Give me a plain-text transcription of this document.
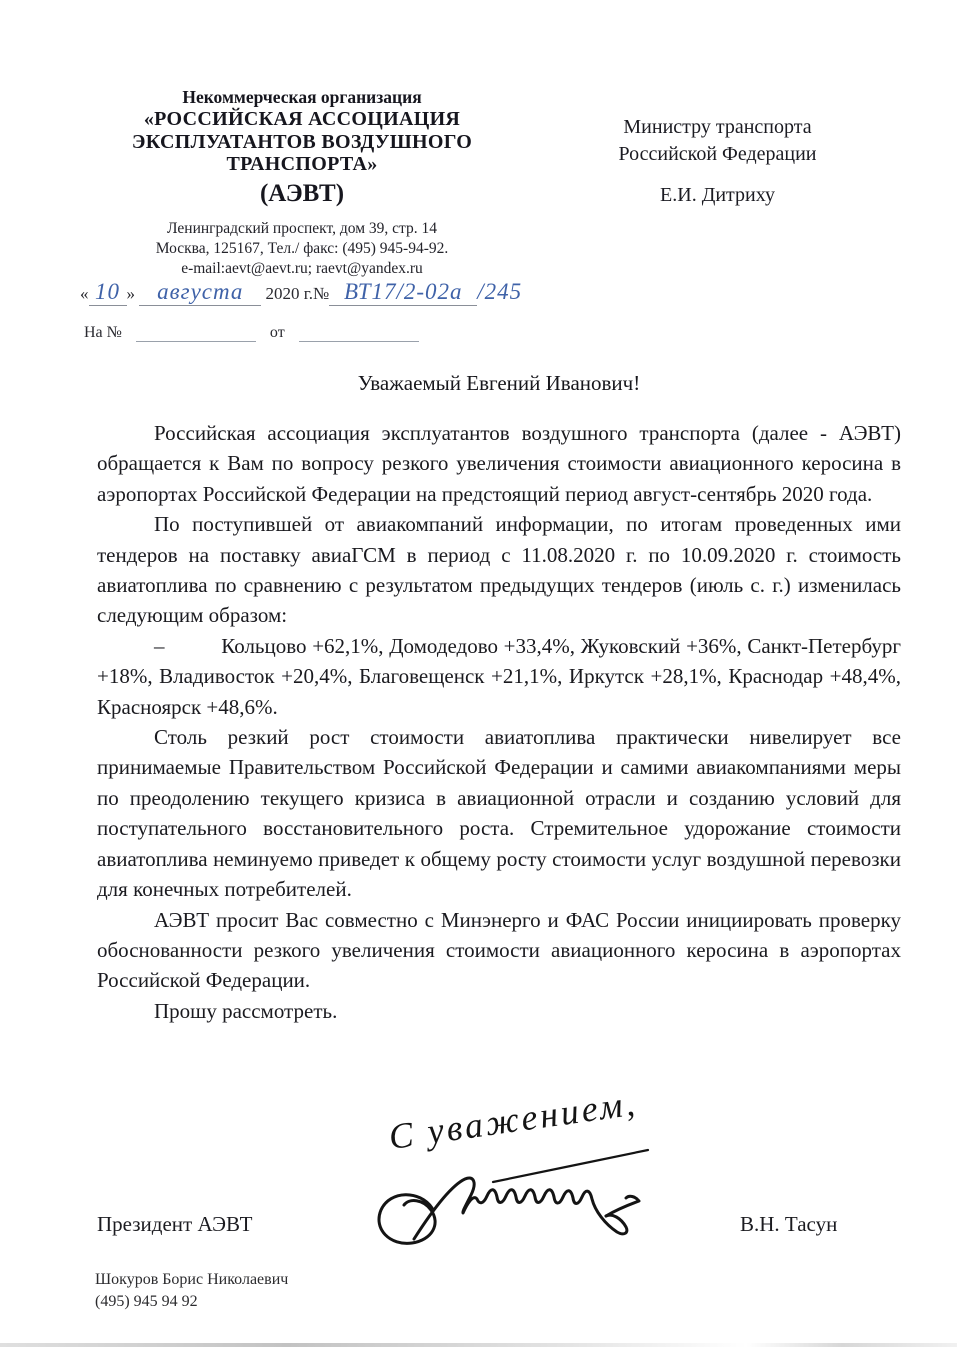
Некоммерческая организация
«РОССИЙСКАЯ АССОЦИАЦИЯ
ЭКСПЛУАТАНТОВ ВОЗДУШНОГО
ТРАНСПОРТА»
(АЭВТ)
Ленинградский проспект, дом 39, стр. 14
Москва, 125167, Тел./ факс: (495) 945-94-92.
e-mail:aevt@aevt.ru; raevt@yandex.ru
Министру транспорта
Российской Федерации
Е.И. Дитриху
« 10 » августа 2020 г.№ ВТ17/2-02а /245
На №	от
Уважаемый Евгений Иванович!

Российская ассоциация эксплуатантов воздушного транспорта (далее - АЭВТ) обращается к Вам по вопросу резкого увеличения стоимости авиационного керосина в аэропортах Российской Федерации на предстоящий период август-сентябрь 2020 года.

По поступившей от авиакомпаний информации, по итогам проведенных ими тендеров на поставку авиаГСМ в период с 11.08.2020 г. по 10.09.2020 г. стоимость авиатоплива по сравнению с результатом предыдущих тендеров (июль с. г.) изменилась следующим образом:

–          Кольцово +62,1%, Домодедово +33,4%, Жуковский +36%, Санкт-Петербург +18%, Владивосток +20,4%, Благовещенск +21,1%, Иркутск +28,1%, Краснодар +48,4%, Красноярск +48,6%.

Столь резкий рост стоимости авиатоплива практически нивелирует все принимаемые Правительством Российской Федерации и самими авиакомпаниями меры по преодолению текущего кризиса в авиационной отрасли и созданию условий для поступательного восстановительного роста. Стремительное удорожание стоимости авиатоплива неминуемо приведет к общему росту стоимости услуг воздушной перевозки для конечных потребителей.

АЭВТ просит Вас совместно с Минэнерго и ФАС России инициировать проверку обоснованности резкого увеличения стоимости авиационного керосина в аэропортах Российской Федерации.

Прошу рассмотреть.

С уважением,
Президент АЭВТ	В.Н. Тасун
Шокуров Борис Николаевич
(495) 945 94 92
